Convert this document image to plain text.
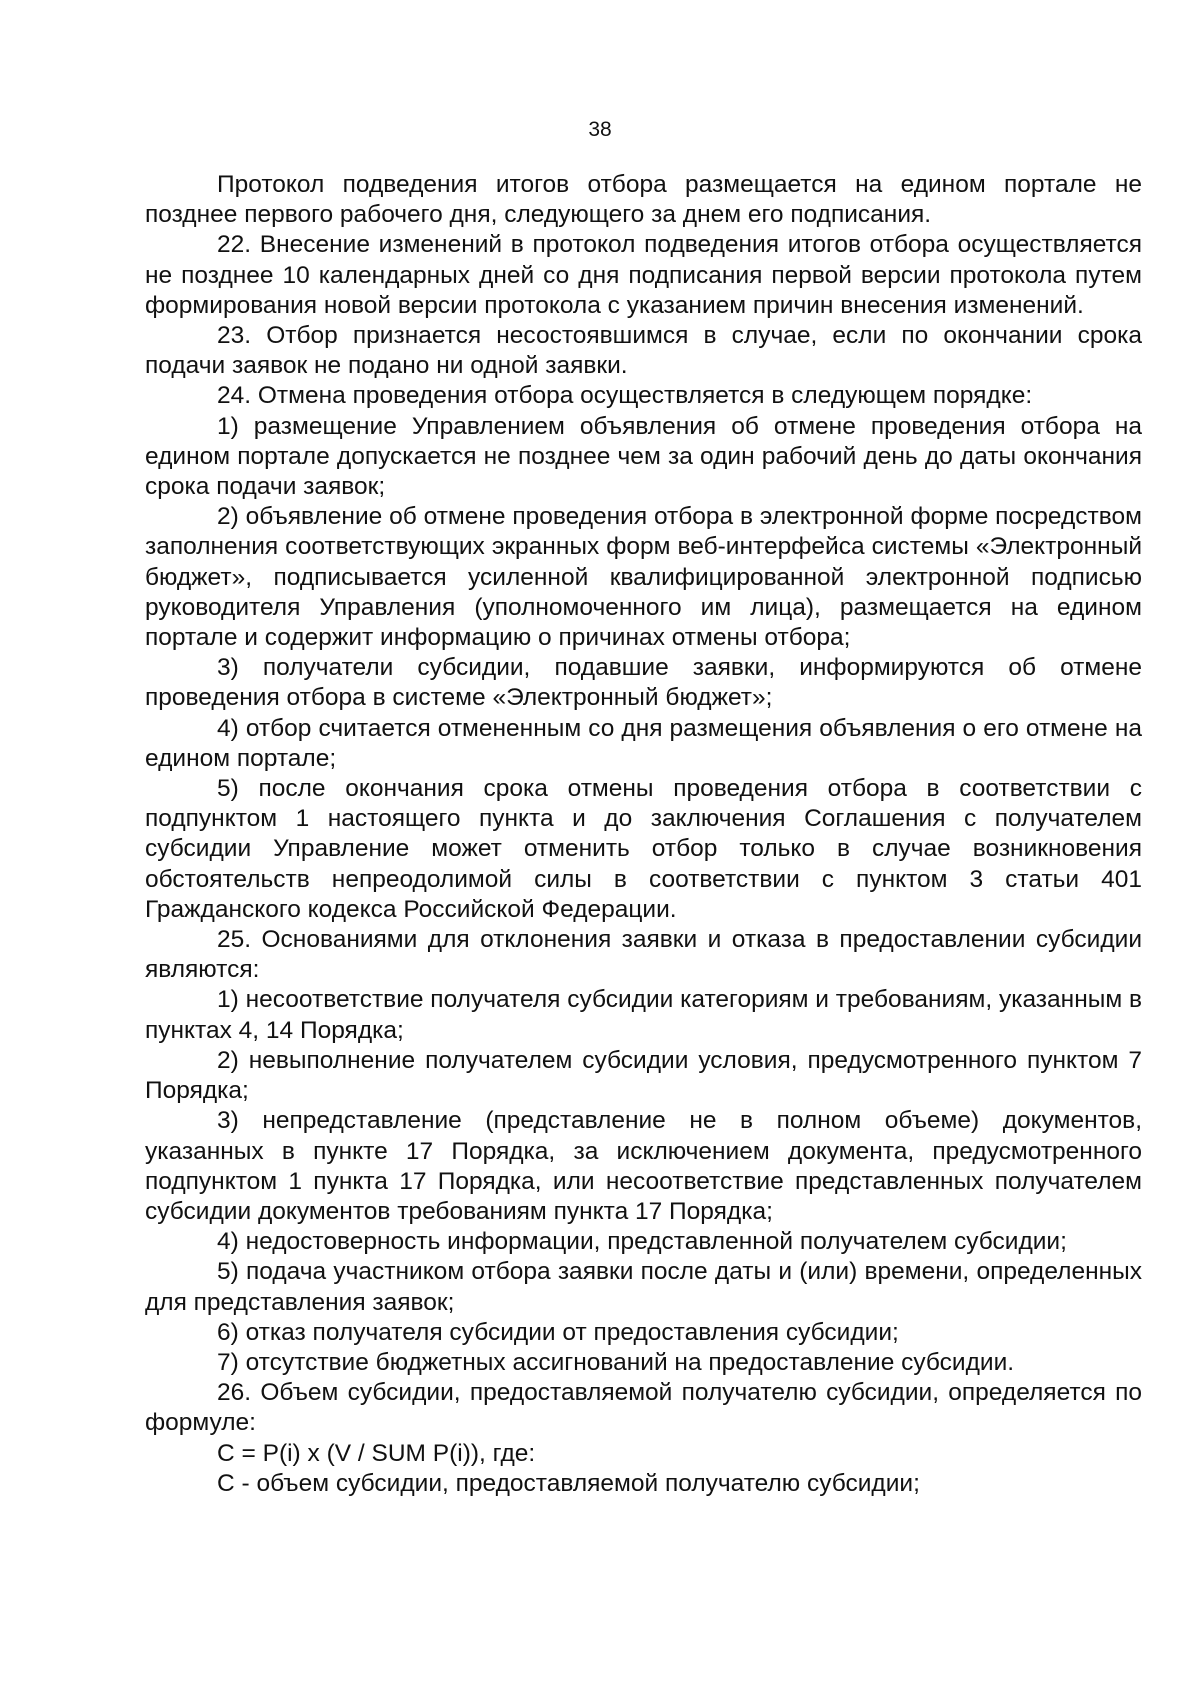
38

Протокол подведения итогов отбора размещается на едином портале не позднее первого рабочего дня, следующего за днем его подписания.

22. Внесение изменений в протокол подведения итогов отбора осуществляется не позднее 10 календарных дней со дня подписания первой версии протокола путем формирования новой версии протокола с указанием причин внесения изменений.

23. Отбор признается несостоявшимся в случае, если по окончании срока подачи заявок не подано ни одной заявки.

24. Отмена проведения отбора осуществляется в следующем порядке:

1) размещение Управлением объявления об отмене проведения отбора на едином портале допускается не позднее чем за один рабочий день до даты окончания срока подачи заявок;

2) объявление об отмене проведения отбора в электронной форме посредством заполнения соответствующих экранных форм веб-интерфейса системы «Электронный бюджет», подписывается усиленной квалифицированной электронной подписью руководителя Управления (уполномоченного им лица), размещается на едином портале и содержит информацию о причинах отмены отбора;

3) получатели субсидии, подавшие заявки, информируются об отмене проведения отбора в системе «Электронный бюджет»;

4) отбор считается отмененным со дня размещения объявления о его отмене на едином портале;

5) после окончания срока отмены проведения отбора в соответствии с подпунктом 1 настоящего пункта и до заключения Соглашения с получателем субсидии Управление может отменить отбор только в случае возникновения обстоятельств непреодолимой силы в соответствии с пунктом 3 статьи 401 Гражданского кодекса Российской Федерации.

25. Основаниями для отклонения заявки и отказа в предоставлении субсидии являются:

1) несоответствие получателя субсидии категориям и требованиям, указанным в пунктах 4, 14 Порядка;

2) невыполнение получателем субсидии условия, предусмотренного пунктом 7 Порядка;

3) непредставление (представление не в полном объеме) документов, указанных в пункте 17 Порядка, за исключением документа, предусмотренного подпунктом 1 пункта 17 Порядка, или несоответствие представленных получателем субсидии документов требованиям пункта 17 Порядка;

4) недостоверность информации, представленной получателем субсидии;

5) подача участником отбора заявки после даты и (или) времени, определенных для представления заявок;

6) отказ получателя субсидии от предоставления субсидии;

7) отсутствие бюджетных ассигнований на предоставление субсидии.

26. Объем субсидии, предоставляемой получателю субсидии, определяется по формуле:

C = P(i) x (V / SUM P(i)), где:

C - объем субсидии, предоставляемой получателю субсидии;
